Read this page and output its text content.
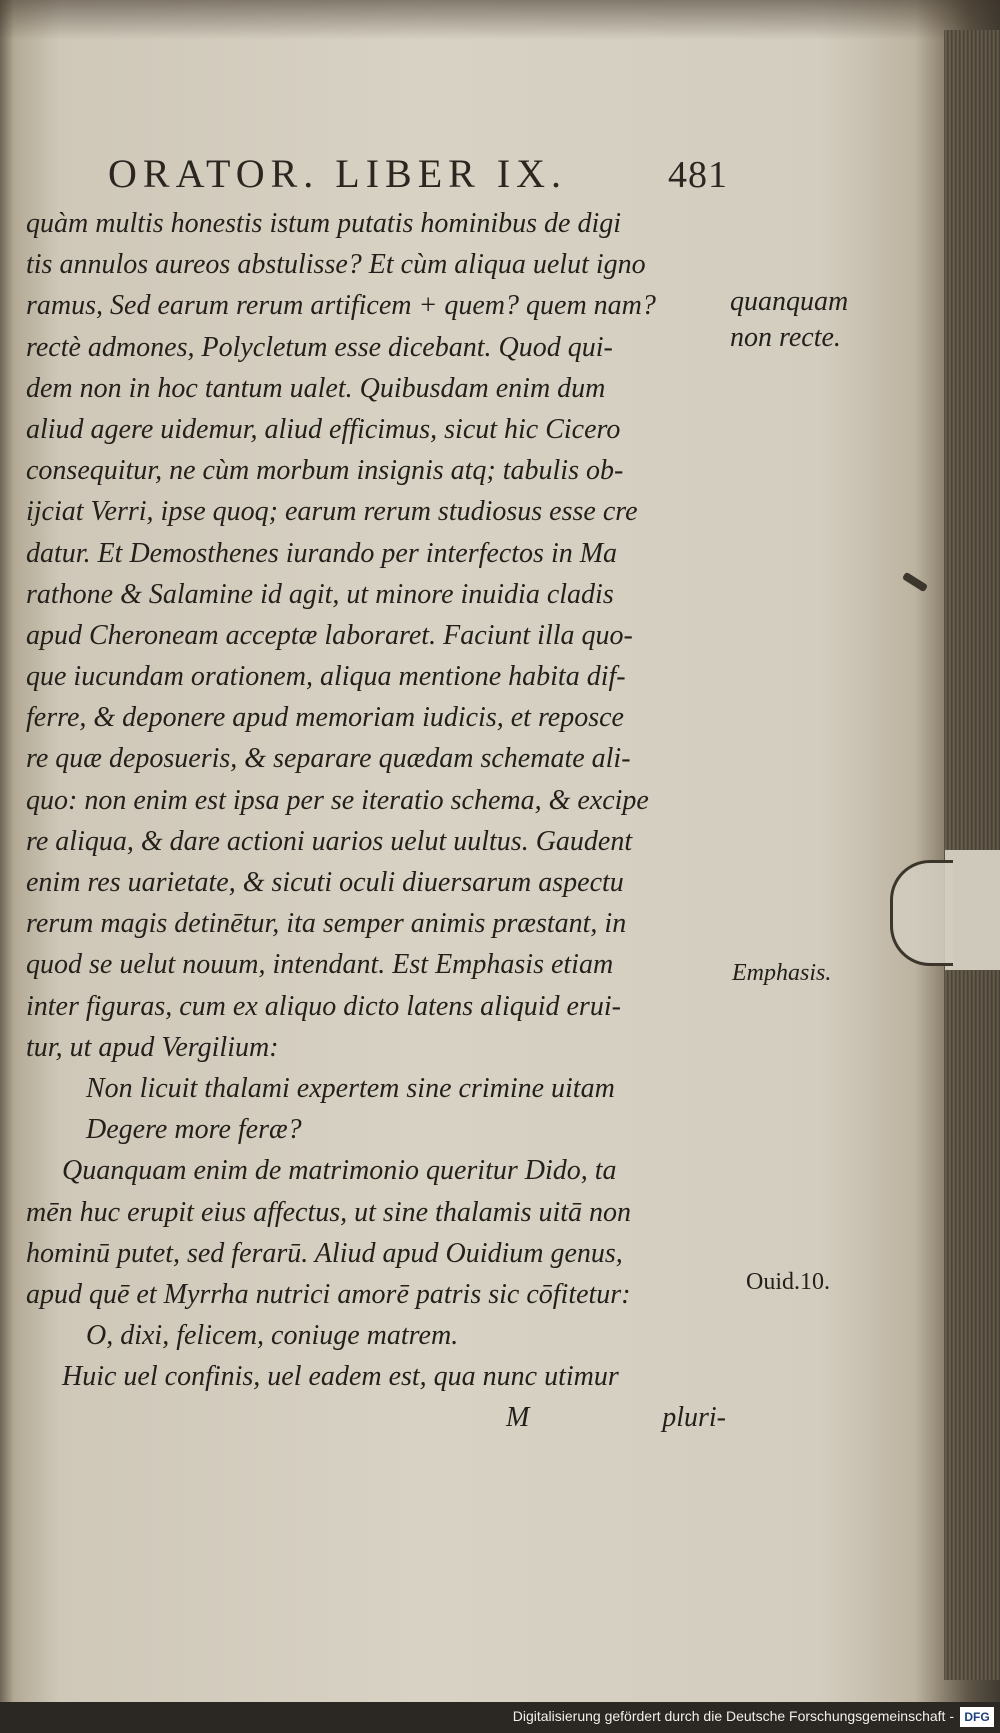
ORATOR. LIBER IX.	481
quàm multis honestis istum putatis hominibus de digi
tis annulos aureos abstulisse? Et cùm aliqua uelut igno
ramus, Sed earum rerum artificem + quem? quem nam?
rectè admones, Polycletum esse dicebant. Quod qui-
dem non in hoc tantum ualet. Quibusdam enim dum
aliud agere uidemur, aliud efficimus, sicut hic Cicero
consequitur, ne cùm morbum insignis atq; tabulis ob-
ijciat Verri, ipse quoq; earum rerum studiosus esse cre
datur. Et Demosthenes iurando per interfectos in Ma
rathone & Salamine id agit, ut minore inuidia cladis
apud Cheroneam acceptæ laboraret. Faciunt illa quo-
que iucundam orationem, aliqua mentione habita dif-
ferre, & deponere apud memoriam iudicis, et reposce
re quæ deposueris, & separare quædam schemate ali-
quo: non enim est ipsa per se iteratio schema, & excipe
re aliqua, & dare actioni uarios uelut uultus. Gaudent
enim res uarietate, & sicuti oculi diuersarum aspectu
rerum magis detinētur, ita semper animis præstant, in
quod se uelut nouum, intendant. Est Emphasis etiam
inter figuras, cum ex aliquo dicto latens aliquid erui-
tur, ut apud Vergilium:
Non licuit thalami expertem sine crimine uitam
Degere more feræ?
Quanquam enim de matrimonio queritur Dido, ta
mēn huc erupit eius affectus, ut sine thalamis uitā non
hominū putet, sed ferarū. Aliud apud Ouidium genus,
apud quē et Myrrha nutrici amorē patris sic cōfitetur:
O, dixi, felicem, coniuge matrem.
Huic uel confinis, uel eadem est, qua nunc utimur
M	pluri-
quanquam
non recte.
Emphasis.
Ouid.10.
Digitalisierung gefördert durch die Deutsche Forschungsgemeinschaft - DFG
